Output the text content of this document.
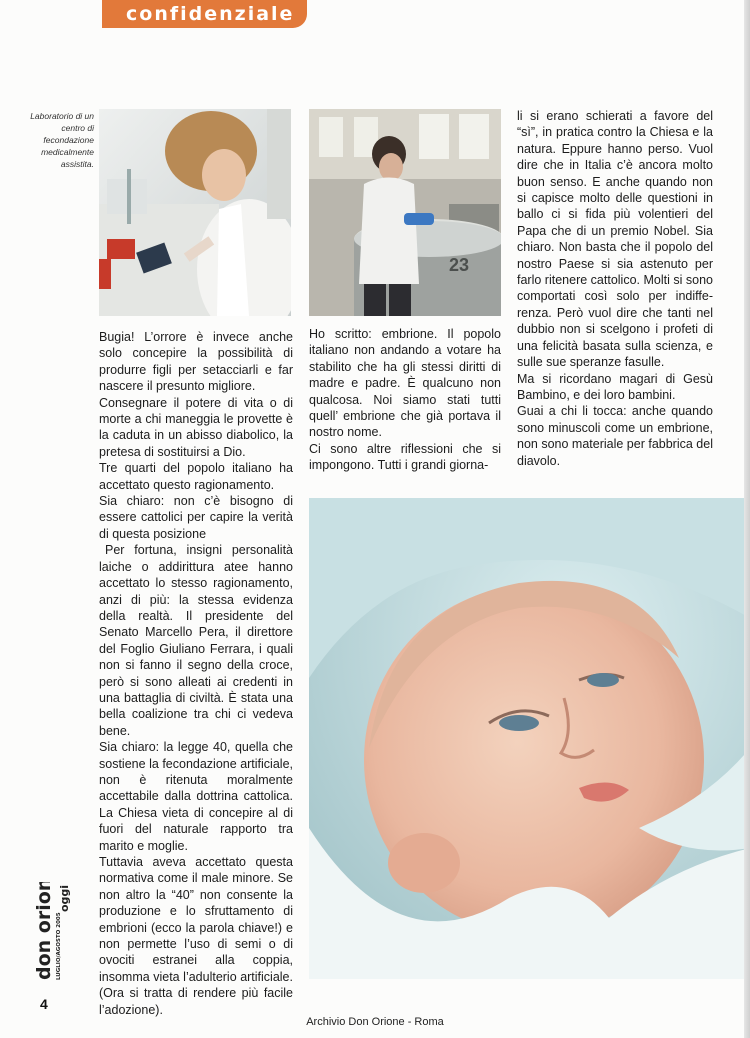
confidenziale
Laboratorio di un centro di fecondazione medicalmente assistita.
23

Bugia! L’orrore è invece anche solo concepire la possibilità di produrre figli per setacciarli e far nascere il presunto migliore.

Consegnare il potere di vita o di morte a chi maneggia le provette è la caduta in un abisso diabolico, la pretesa di sostituirsi a Dio.

Tre quarti del popolo italiano ha accettato questo ragionamento.

Sia chiaro: non c’è bisogno di essere cattolici per capire la verità di questa posizione

Per fortuna, insigni personalità laiche o addirittura atee hanno accettato lo stesso ragionamento, anzi di più: la stessa evidenza della realtà. Il presidente del Senato Marcello Pera, il direttore del Foglio Giuliano Ferrara, i quali non si fanno il segno della croce, però si sono alleati ai credenti in una battaglia di civiltà. È stata una bella coalizione tra chi ci vedeva bene.

Sia chiaro: la legge 40, quella che sostiene la fecondazione artificiale, non è ritenuta moralmente accettabile dalla dottrina cattolica. La Chiesa vieta di concepire al di fuori del naturale rapporto tra marito e moglie.

Tuttavia aveva accettato questa normativa come il male minore. Se non altro la “40” non consente la produzione e lo sfruttamento di embrioni (ecco la parola chiave!) e non permette l’uso di semi o di ovociti estranei alla coppia, insomma vieta l’adulterio artificiale. (Ora si tratta di rendere più facile l’adozione).

Ho scritto: embrione. Il popolo italiano non andando a votare ha stabilito che ha gli stessi diritti di madre e padre. È qualcuno non qualcosa. Noi siamo stati tutti quell’ embrione che già portava il nostro nome.

Ci sono altre riflessioni che si impongono. Tutti i grandi giorna-

li si erano schierati a favore del “sì”, in pratica contro la Chiesa e la natura. Eppure hanno perso. Vuol dire che in Italia c’è ancora molto buon senso. E anche quando non si capisce molto delle questioni in ballo ci si fida più volentieri del Papa che di un premio Nobel. Sia chiaro. Non basta che il popolo del nostro Paese si sia astenuto per farlo ritenere cattolico. Molti si sono comportati così solo per indifferenza. Però vuol dire che tanti nel dubbio non si scelgono i profeti di una felicità basata sulla scienza, e sulle sue speranze fasulle.

Ma si ricordano magari di Gesù Bambino, e dei loro bambini.

Guai a chi li tocca: anche quando sono minuscoli come un embrione, non sono materiale per fabbrica del diavolo.

don orione oggi
LUGLIO/AGOSTO 2005
4
Archivio Don Orione - Roma
